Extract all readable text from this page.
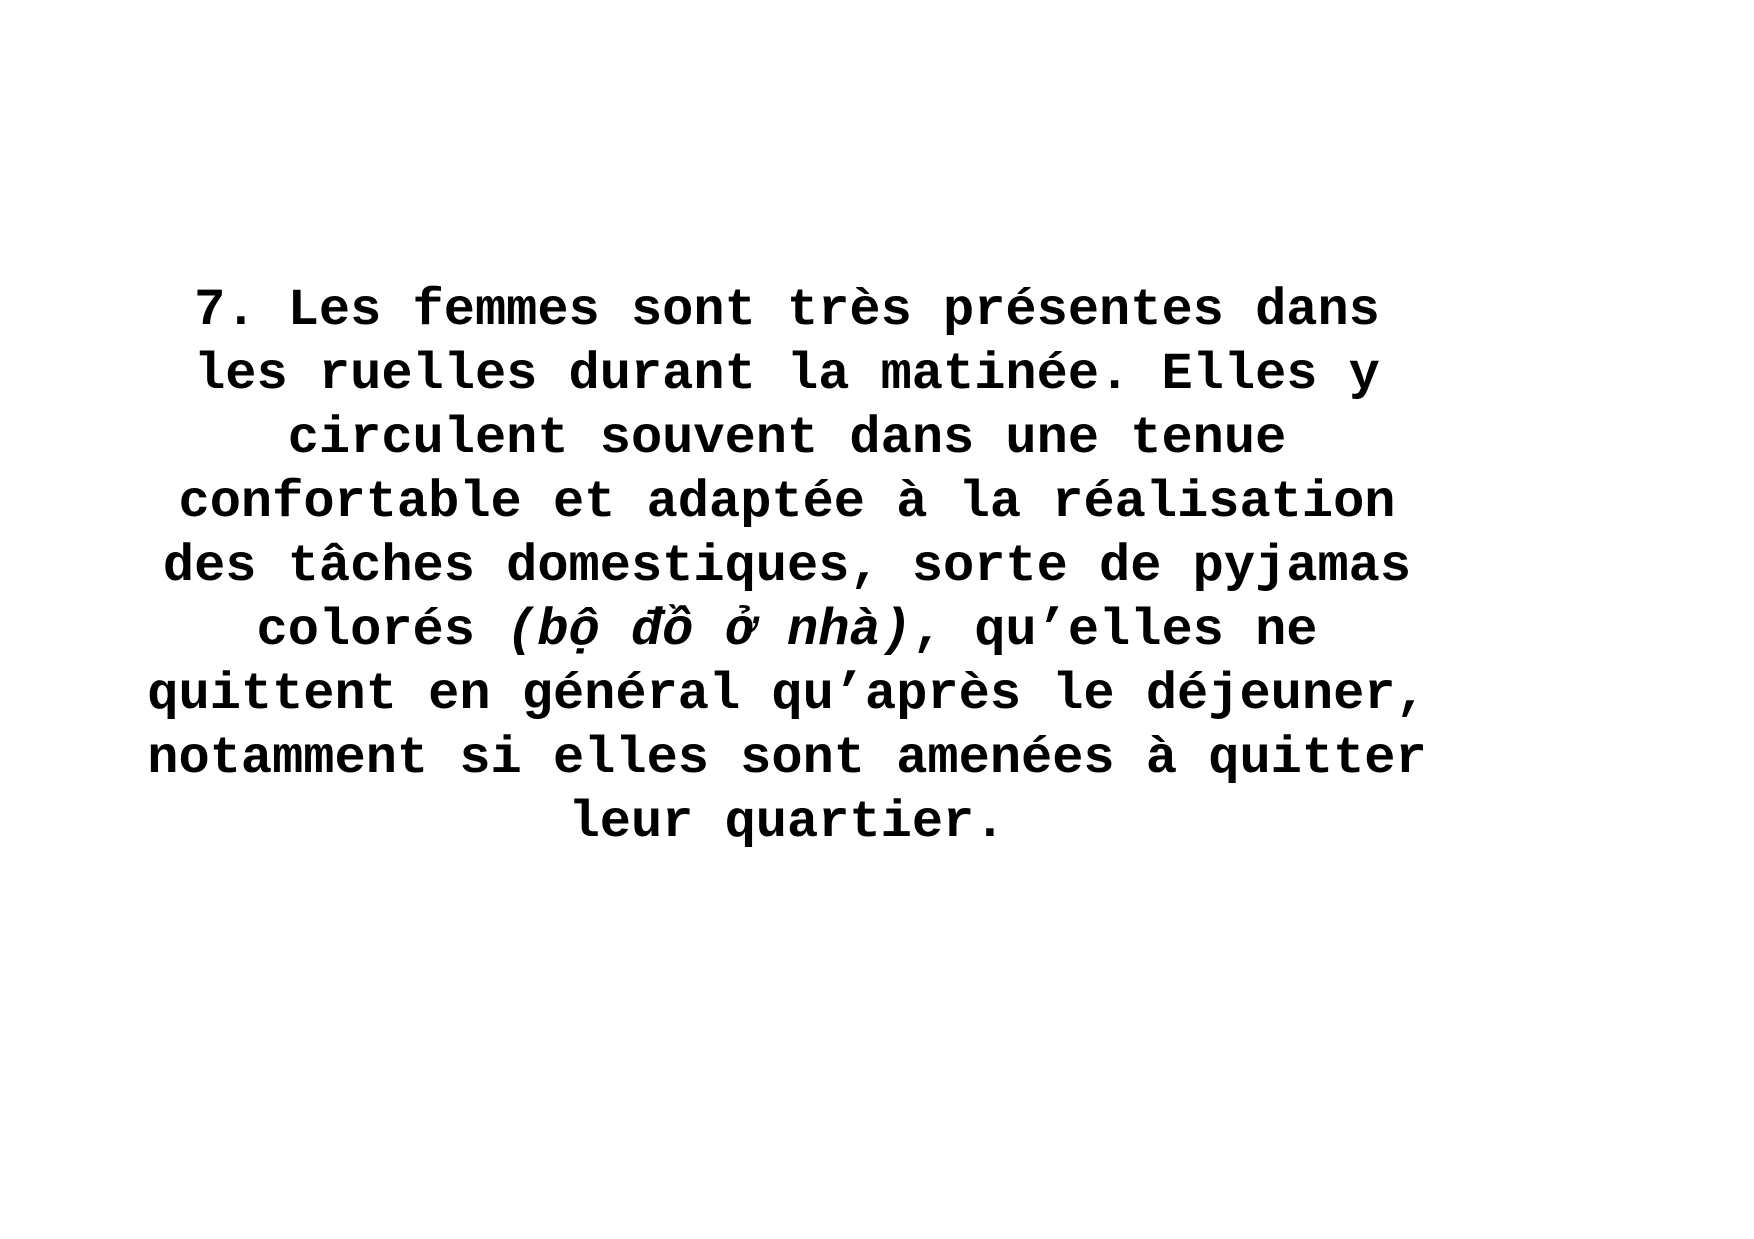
7. Les femmes sont très présentes dans
les ruelles durant la matinée. Elles y
circulent souvent dans une tenue
confortable et adaptée à la réalisation
des tâches domestiques, sorte de pyjamas
colorés (bộ đồ ở nhà), qu’elles ne
quittent en général qu’après le déjeuner,
notamment si elles sont amenées à quitter
leur quartier.
